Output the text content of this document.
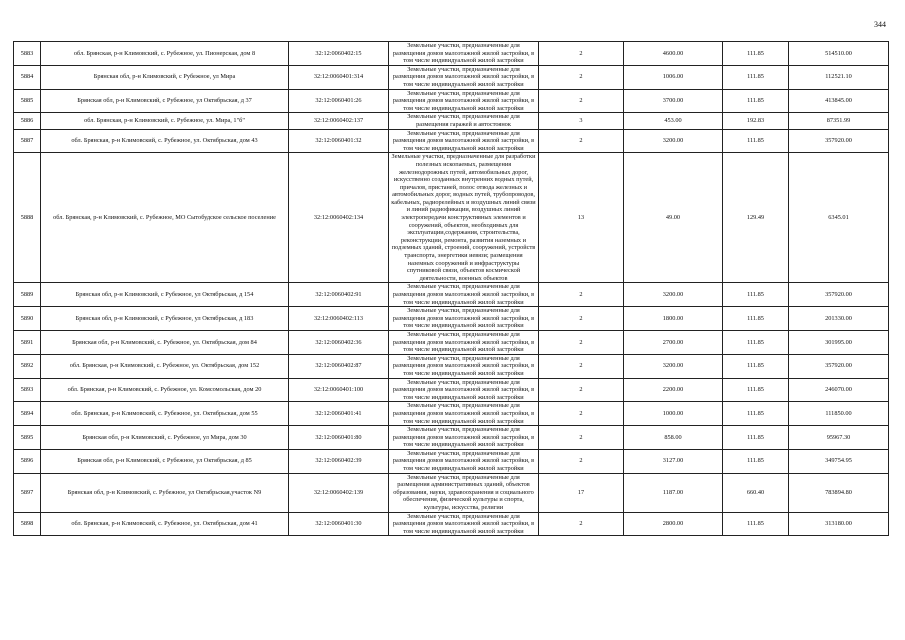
344
5883	обл. Брянская, р-н Климовский, с. Рубежное, ул. Пионерская, дом 8	32:12:0060402:15	Земельные участки, предназначенные для размещения домов малоэтажной жилой застройки, в том числе индивидуальной жилой застройки	2	4600.00	111.85	514510.00
5884	Брянская обл, р-н Климовский, с Рубежное, ул Мира	32:12:0060401:314	Земельные участки, предназначенные для размещения домов малоэтажной жилой застройки, в том числе индивидуальной жилой застройки	2	1006.00	111.85	112521.10
5885	Брянская обл, р-н Климовский, с Рубежное, ул Октябрьская, д 37	32:12:0060401:26	Земельные участки, предназначенные для размещения домов малоэтажной жилой застройки, в том числе индивидуальной жилой застройки	2	3700.00	111.85	413845.00
5886	обл. Брянская, р-н Климовский, с. Рубежное, ул. Мира, 1"б"	32:12:0060402:137	Земельные участки, предназначенные для размещения гаражей и автостоянок	3	453.00	192.83	87351.99
5887	обл. Брянская, р-н Климовский, с. Рубежное, ул. Октябрьская, дом 43	32:12:0060401:32	Земельные участки, предназначенные для размещения домов малоэтажной жилой застройки, в том числе индивидуальной жилой застройки	2	3200.00	111.85	357920.00
5888	обл. Брянская, р-н Климовский, с. Рубежное, МО Сытобудское сельское поселение	32:12:0060402:134	Земельные участки, предназначенные для разработки полезных ископаемых, размещения железнодорожных путей, автомобильных дорог, искусственно созданных внутренних водных путей, причалов, пристаней, полос отвода железных и автомобильных дорог, водных путей, трубопроводов, кабельных, радиорелейных и воздушных линий связи и линий радиофикации, воздушных линий электропередачи конструктивных элементов и сооружений, объектов, необходимых для эксплуатации,содержания, строительства, реконструкции, ремонта, развития наземных и подземных зданий, строений, сооружений, устройств транспорта, энергетики иевязи; размещения наземных сооружений и инфраструктуры спутниковой связи, объектов космической деятельности, военных объектов	13	49.00	129.49	6345.01
5889	Брянская обл, р-н Климовский, с Рубежное, ул Октябрьская, д 154	32:12:0060402:91	Земельные участки, предназначенные для размещения домов малоэтажной жилой застройки, в том числе индивидуальной жилой застройки	2	3200.00	111.85	357920.00
5890	Брянская обл, р-н Климовский, с Рубежное, ул Октябрьская, д 183	32:12:0060402:113	Земельные участки, предназначенные для размещения домов малоэтажной жилой застройки, в том числе индивидуальной жилой застройки	2	1800.00	111.85	201330.00
5891	Брянская обл, р-н Климовский, с. Рубежное, ул. Октябрьская, дом 84	32:12:0060402:36	Земельные участки, предназначенные для размещения домов малоэтажной жилой застройки, в том числе индивидуальной жилой застройки	2	2700.00	111.85	301995.00
5892	обл. Брянская, р-н Климовский, с. Рубежное, ул. Октябрьская, дом 152	32:12:0060402:87	Земельные участки, предназначенные для размещения домов малоэтажной жилой застройки, в том числе индивидуальной жилой застройки	2	3200.00	111.85	357920.00
5893	обл. Брянская, р-н Климовский, с. Рубежное, ул. Комсомольская, дом 20	32:12:0060401:100	Земельные участки, предназначенные для размещения домов малоэтажной жилой застройки, в том числе индивидуальной жилой застройки	2	2200.00	111.85	246070.00
5894	обл. Брянская, р-н Климовский, с. Рубежное, ул. Октябрьская, дом 55	32:12:0060401:41	Земельные участки, предназначенные для размещения домов малоэтажной жилой застройки, в том числе индивидуальной жилой застройки	2	1000.00	111.85	111850.00
5895	Брянская обл, р-н Климовский, с. Рубежное, ул Мира, дом 30	32:12:0060401:80	Земельные участки, предназначенные для размещения домов малоэтажной жилой застройки, в том числе индивидуальной жилой застройки	2	858.00	111.85	95967.30
5896	Брянская обл, р-н Климовский, с Рубежное, ул Октябрьская, д 85	32:12:0060402:39	Земельные участки, предназначенные для размещения домов малоэтажной жилой застройки, в том числе индивидуальной жилой застройки	2	3127.00	111.85	349754.95
5897	Брянская обл, р-н Климовский, с. Рубежное, ул Октябрьская,участок N9	32:12:0060402:139	Земельные участки, предназначенные для размещения административных зданий, объектов образования, науки, здравоохранения и социального обеспечения, физической культуры и спорта, культуры, искусства, религии	17	1187.00	660.40	783894.80
5898	обл. Брянская, р-н Климовский, с. Рубежное, ул. Октябрьская, дом 41	32:12:0060401:30	Земельные участки, предназначенные для размещения домов малоэтажной жилой застройки, в том числе индивидуальной жилой застройки	2	2800.00	111.85	313180.00
